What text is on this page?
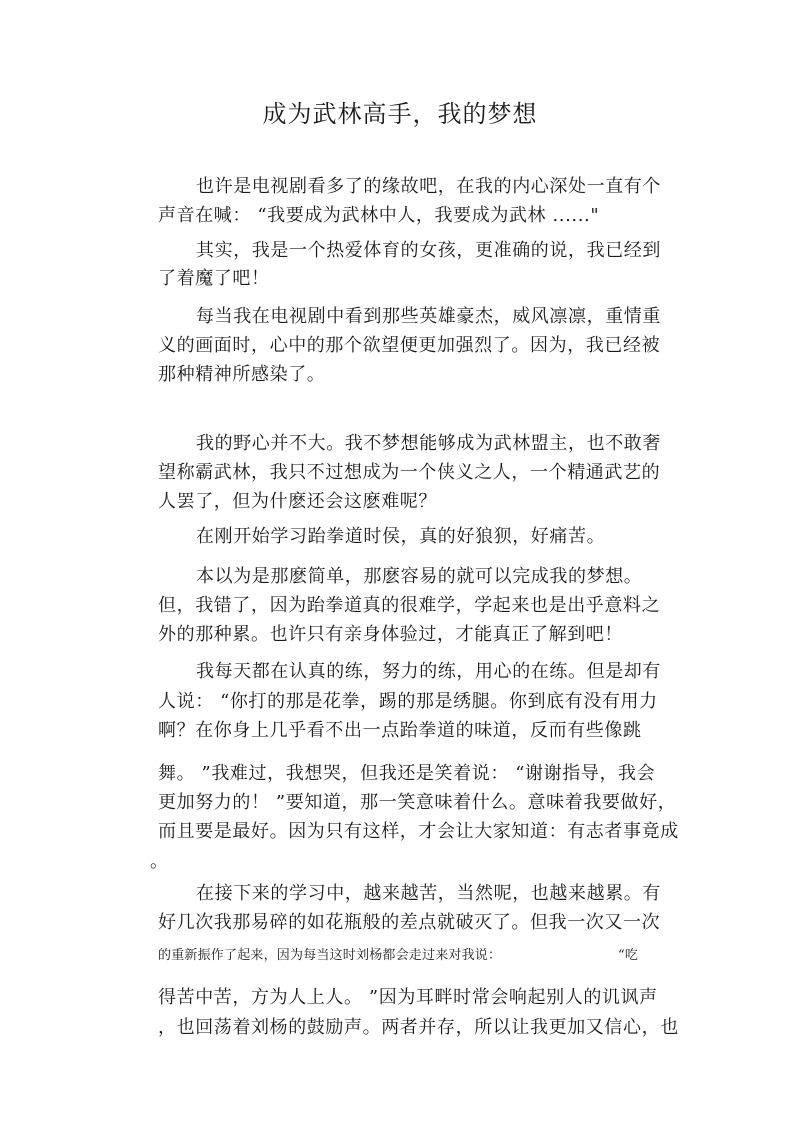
成为武林高手，我的梦想
也许是电视剧看多了的缘故吧，在我的内心深处一直有个
声音在喊： “我要成为武林中人，我要成为武林 ......"
其实，我是一个热爱体育的女孩，更准确的说，我已经到
了着魔了吧！
每当我在电视剧中看到那些英雄豪杰，威风凛凛，重情重
义的画面时，心中的那个欲望便更加强烈了。因为，我已经被
那种精神所感染了。
我的野心并不大。我不梦想能够成为武林盟主，也不敢奢
望称霸武林，我只不过想成为一个侠义之人，一个精通武艺的
人罢了，但为什麽还会这麽难呢？
在刚开始学习跆拳道时侯，真的好狼狈，好痛苦。
本以为是那麽简单，那麽容易的就可以完成我的梦想。
但，我错了，因为跆拳道真的很难学，学起来也是出乎意料之
外的那种累。也许只有亲身体验过，才能真正了解到吧！
我每天都在认真的练，努力的练，用心的在练。但是却有
人说： “你打的那是花拳，踢的那是绣腿。你到底有没有用力
啊？在你身上几乎看不出一点跆拳道的味道，反而有些像跳
舞。 ”我难过，我想哭，但我还是笑着说： “谢谢指导，我会
更加努力的！ ”要知道，那一笑意味着什么。意味着我要做好，
而且要是最好。因为只有这样，才会让大家知道：有志者事竟成
。
在接下来的学习中，越来越苦，当然呢，也越来越累。有
好几次我那易碎的如花瓶般的差点就破灭了。但我一次又一次
的重新振作了起来，因为每当这时刘杨都会走过来对我说：	“吃
得苦中苦，方为人上人。 ”因为耳畔时常会响起别人的讥讽声
，也回荡着刘杨的鼓励声。两者并存，所以让我更加又信心，也
